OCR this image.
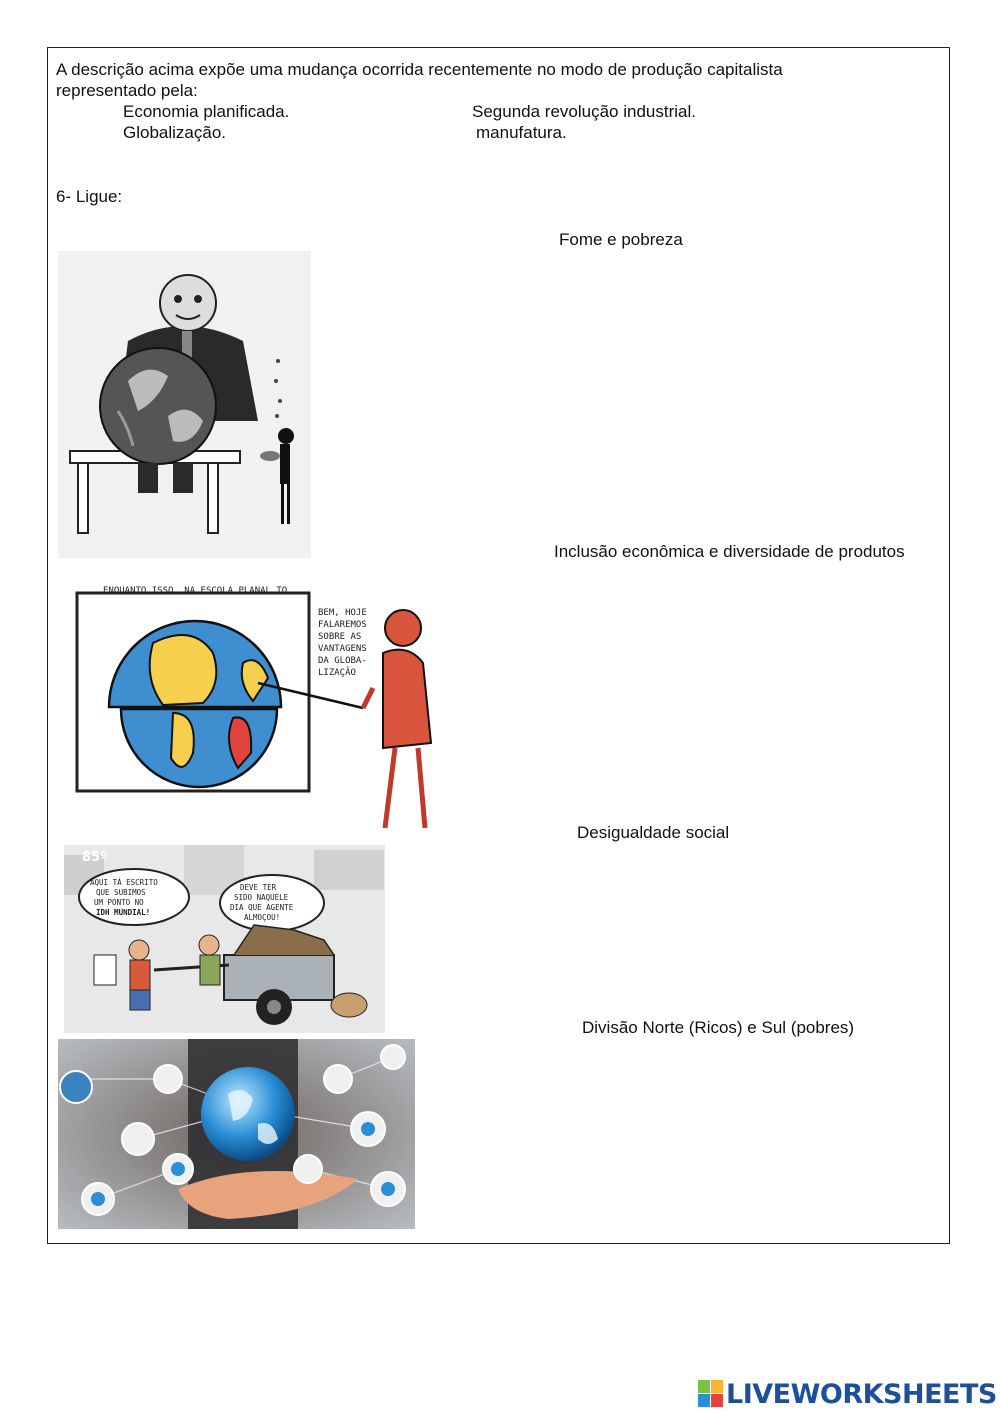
A descrição acima expõe uma mudança ocorrida recentemente no modo de produção capitalista
representado pela:
Economia planificada.	Segunda revolução industrial.
Globalização.	manufatura.
6- Ligue:
Fome e pobreza
Inclusão econômica e diversidade de produtos
Desigualdade social
Divisão Norte (Ricos) e Sul (pobres)
ENQUANTO ISSO, NA ESCOLA PLANAL TO
BEM, HOJE
FALAREMOS
SOBRE AS
VANTAGENS
DA GLOBA-
LIZAÇÃO
85º
AQUI TÁ ESCRITO
QUE SUBIMOS
UM PONTO NO
IDH MUNDIAL!
DEVE TER
SIDO NAQUELE
DIA QUE AGENTE
ALMOÇOU!
LIVEWORKSHEETS
